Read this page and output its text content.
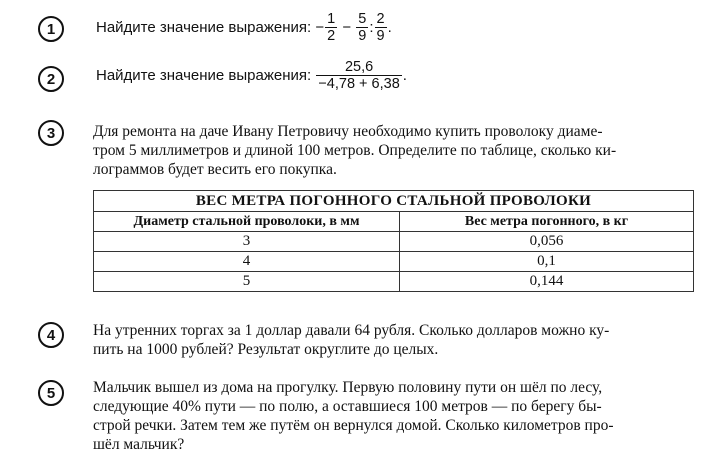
1	Найдите значение выражения: − $\frac{1}{2} - \frac{5}{9}$ : $\frac{2}{9}$ .
2	Найдите значение выражения: $\frac{25,6}{-4,78 + 6,38}$ .
3 Для ремонта на даче Ивану Петровичу необходимо купить проволоку диаме-
тром 5 миллиметров и длиной 100 метров. Определите по таблице, сколько ки-
лограммов будет весить его покупка.
ВЕС МЕТРА ПОГОННОГО СТАЛЬНОЙ ПРОВОЛОКИ	
Диаметр стальной проволоки, в мм	Вес метра погонного, в кг
3	0,056
4	0,1
5	0,144
4 На утренних торгах за 1 доллар давали 64 рубля. Сколько долларов можно ку-
пить на 1000 рублей? Результат округлите до целых.
5 Мальчик вышел из дома на прогулку. Первую половину пути он шёл по лесу,
следующие 40% пути — по полю, а оставшиеся 100 метров — по берегу бы-
строй речки. Затем тем же путём он вернулся домой. Сколько километров про-
шёл мальчик?
